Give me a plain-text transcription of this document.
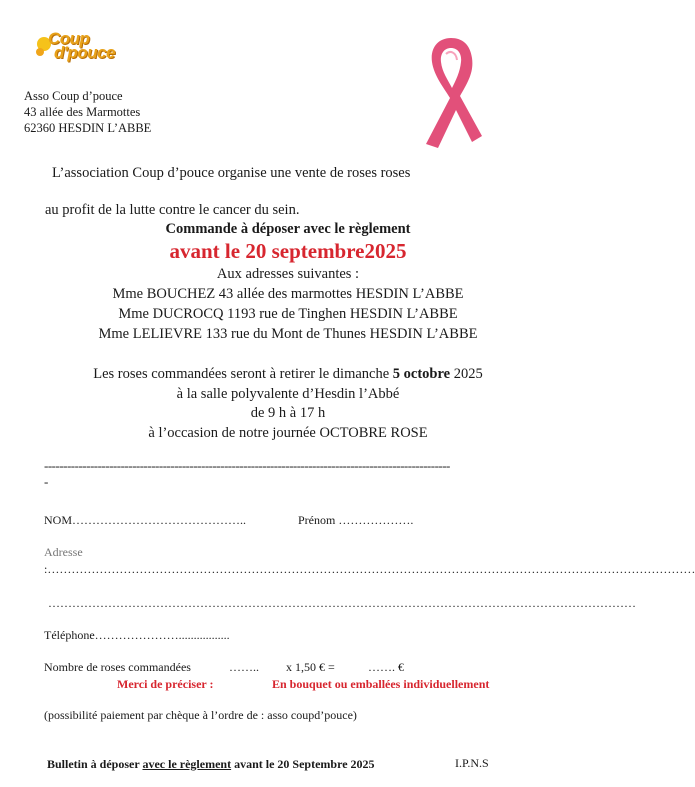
Coup
d'pouce
Asso Coup d’pouce
43 allée des Marmottes
62360 HESDIN L’ABBE
L’association Coup d’pouce organise une vente de roses roses
au profit de la lutte contre le cancer du sein.
Commande à déposer avec le règlement
avant le 20 septembre2025
Aux adresses suivantes :
Mme BOUCHEZ 43 allée des marmottes HESDIN L’ABBE
Mme DUCROCQ 1193 rue de Tinghen HESDIN L’ABBE
Mme LELIEVRE 133 rue du Mont de Thunes HESDIN L’ABBE
Les roses commandées seront à retirer le dimanche 5 octobre 2025
à la salle polyvalente d’Hesdin l’Abbé
de 9 h à 17 h
à l’occasion de notre journée OCTOBRE ROSE
----------------------------------------------------------------------------------------------------------
-
NOM……………………………………..	Prénom ……………….
Adresse
:………………………………………………………………………………………………………………………………………………
…………………………………………………………………………………………………………………………………
Téléphone………………….................
Nombre de roses commandées	…….. x 1,50 € =	……. €
Merci de préciser :	En bouquet ou emballées individuellement
(possibilité paiement par chèque à l’ordre de : asso coupd’pouce)
Bulletin à déposer avec le règlement avant le 20 Septembre 2025	I.P.N.S
